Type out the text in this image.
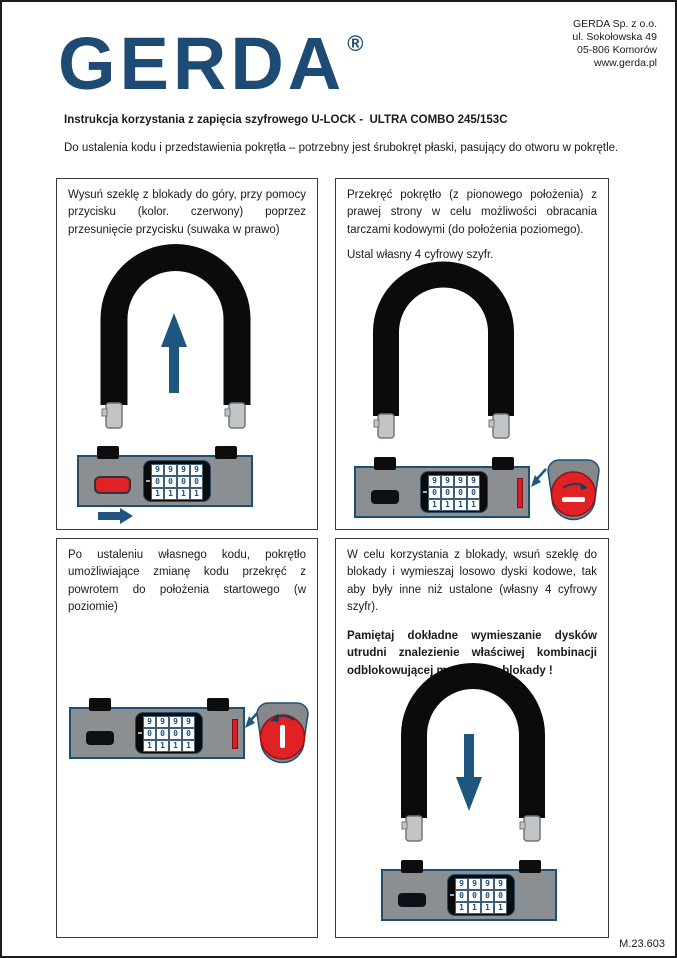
GERDA®
GERDA Sp. z o.o.
ul. Sokołowska 49
05-806 Komorów
www.gerda.pl
Instrukcja korzystania z zapięcia szyfrowego U-LOCK -  ULTRA COMBO 245/153C
Do ustalenia kodu i przedstawienia pokrętła – potrzebny jest śrubokręt płaski, pasujący do otworu w pokrętle.

Wysuń szeklę z blokady do góry, przy pomocy przycisku (kolor. czerwony) poprzez przesunięcie przycisku (suwaka w prawo)

9	9	9	9
0	0	0	0
1	1	1	1

Przekręć pokrętło (z pionowego położenia) z prawej strony w celu możliwości obracania tarczami kodowymi (do położenia poziomego).

Ustal własny 4 cyfrowy szyfr.

9	9	9	9
0	0	0	0
1	1	1	1

Po ustaleniu własnego kodu, pokrętło umożliwiające zmianę kodu przekręć z powrotem do położenia startowego (w poziomie)

9	9	9	9
0	0	0	0
1	1	1	1

W celu korzystania z blokady, wsuń szeklę do blokady i wymieszaj losowo dyski kodowe, tak aby były inne niż ustalone (własny 4 cyfrowy szyfr).

Pamiętaj dokładne wymieszanie dysków utrudni znalezienie właściwej kombinacji odblokowującej mechanizm blokady !

9	9	9	9
0	0	0	0
1	1	1	1
M.23.603
